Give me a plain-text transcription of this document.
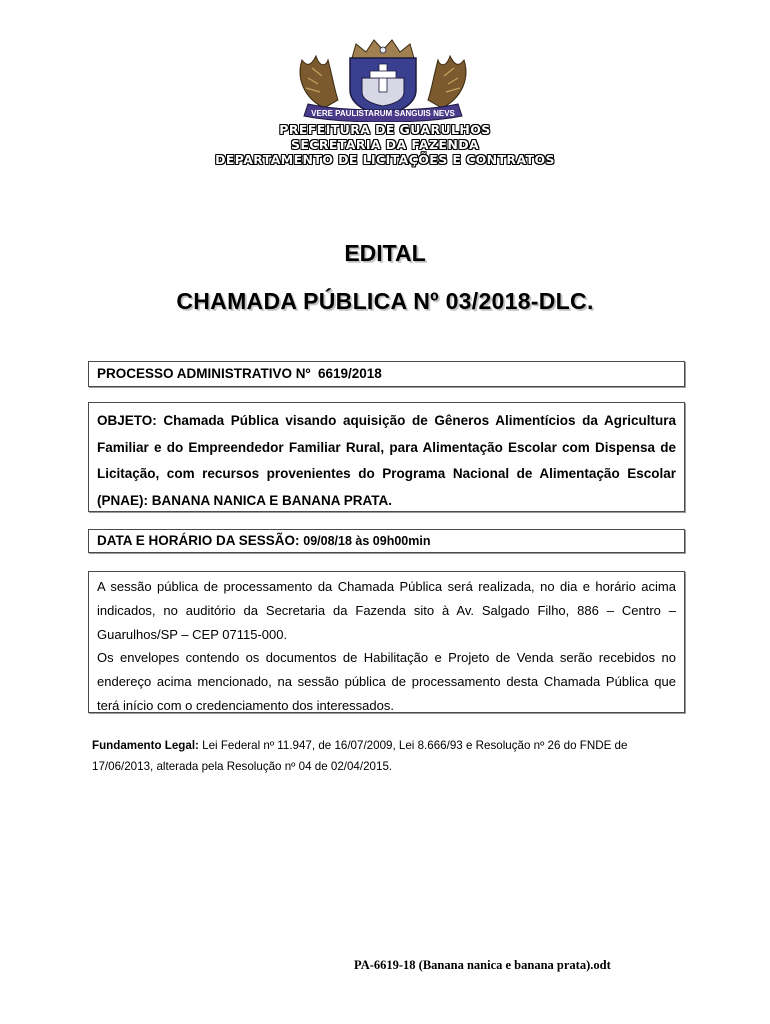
VERE PAULISTARUM SANGUIS NEVS
PREFEITURA DE GUARULHOS
SECRETARIA DA FAZENDA
DEPARTAMENTO DE LICITAÇÕES E CONTRATOS
EDITAL
CHAMADA PÚBLICA Nº 03/2018-DLC.
PROCESSO ADMINISTRATIVO Nº 6619/2018
OBJETO: Chamada Pública visando aquisição de Gêneros Alimentícios da Agricultura Familiar e do Empreendedor Familiar Rural, para Alimentação Escolar com Dispensa de Licitação, com recursos provenientes do Programa Nacional de Alimentação Escolar (PNAE): BANANA NANICA E BANANA PRATA.
DATA E HORÁRIO DA SESSÃO: 09/08/18 às 09h00min

A sessão pública de processamento da Chamada Pública será realizada, no dia e horário acima indicados, no auditório da Secretaria da Fazenda sito à Av. Salgado Filho, 886 – Centro – Guarulhos/SP – CEP 07115-000.

Os envelopes contendo os documentos de Habilitação e Projeto de Venda serão recebidos no endereço acima mencionado, na sessão pública de processamento desta Chamada Pública que terá início com o credenciamento dos interessados.

Fundamento Legal: Lei Federal nº 11.947, de 16/07/2009, Lei 8.666/93 e Resolução nº 26 do FNDE de 17/06/2013, alterada pela Resolução nº 04 de 02/04/2015.
PA-6619-18 (Banana nanica e banana prata).odt
